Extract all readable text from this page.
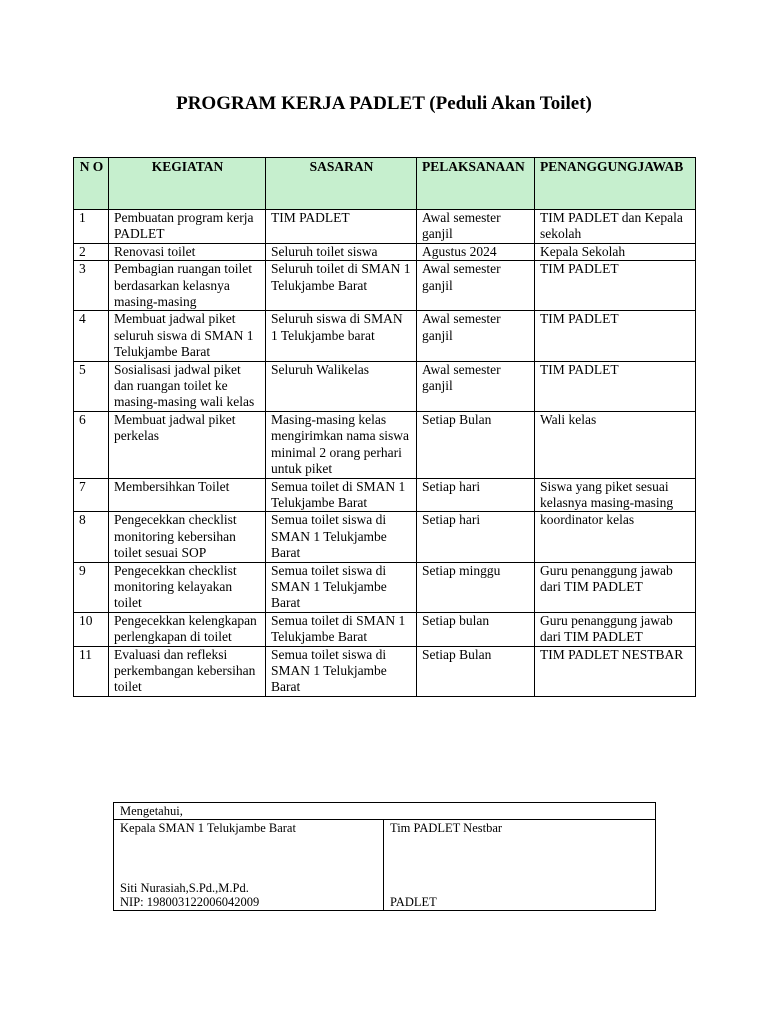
PROGRAM KERJA PADLET (Peduli Akan Toilet)
N O	KEGIATAN	SASARAN	PELAKSANAAN	PENANGGUNGJAWAB
1	Pembuatan program kerja PADLET	TIM PADLET	Awal semester ganjil	TIM PADLET dan Kepala sekolah
2	Renovasi toilet	Seluruh toilet siswa	Agustus 2024	Kepala Sekolah
3	Pembagian ruangan toilet berdasarkan kelasnya masing-masing	Seluruh toilet di SMAN 1 Telukjambe Barat	Awal semester ganjil	TIM PADLET
4	Membuat jadwal piket seluruh siswa di SMAN 1 Telukjambe Barat	Seluruh siswa di SMAN 1 Telukjambe barat	Awal semester ganjil	TIM PADLET
5	Sosialisasi jadwal piket dan ruangan toilet ke masing-masing wali kelas	Seluruh Walikelas	Awal semester ganjil	TIM PADLET
6	Membuat jadwal piket perkelas	Masing-masing kelas mengirimkan nama siswa minimal 2 orang perhari untuk piket	Setiap Bulan	Wali kelas
7	Membersihkan Toilet	Semua toilet di SMAN 1 Telukjambe Barat	Setiap hari	Siswa yang piket sesuai kelasnya masing-masing
8	Pengecekkan checklist monitoring kebersihan toilet sesuai SOP	Semua toilet siswa di SMAN 1 Telukjambe Barat	Setiap hari	koordinator kelas
9	Pengecekkan checklist monitoring kelayakan toilet	Semua toilet siswa di SMAN 1 Telukjambe Barat	Setiap minggu	Guru penanggung jawab dari TIM PADLET
10	Pengecekkan kelengkapan perlengkapan di toilet	Semua toilet di SMAN 1 Telukjambe Barat	Setiap bulan	Guru penanggung jawab dari TIM PADLET
11	Evaluasi dan refleksi perkembangan kebersihan toilet	Semua toilet siswa di SMAN 1 Telukjambe Barat	Setiap Bulan	TIM PADLET NESTBAR
Mengetahui,

Kepala SMAN 1 Telukjambe Barat
Siti Nurasiah,S.Pd.,M.Pd.
NIP: 198003122006042009

Tim PADLET Nestbar
PADLET
